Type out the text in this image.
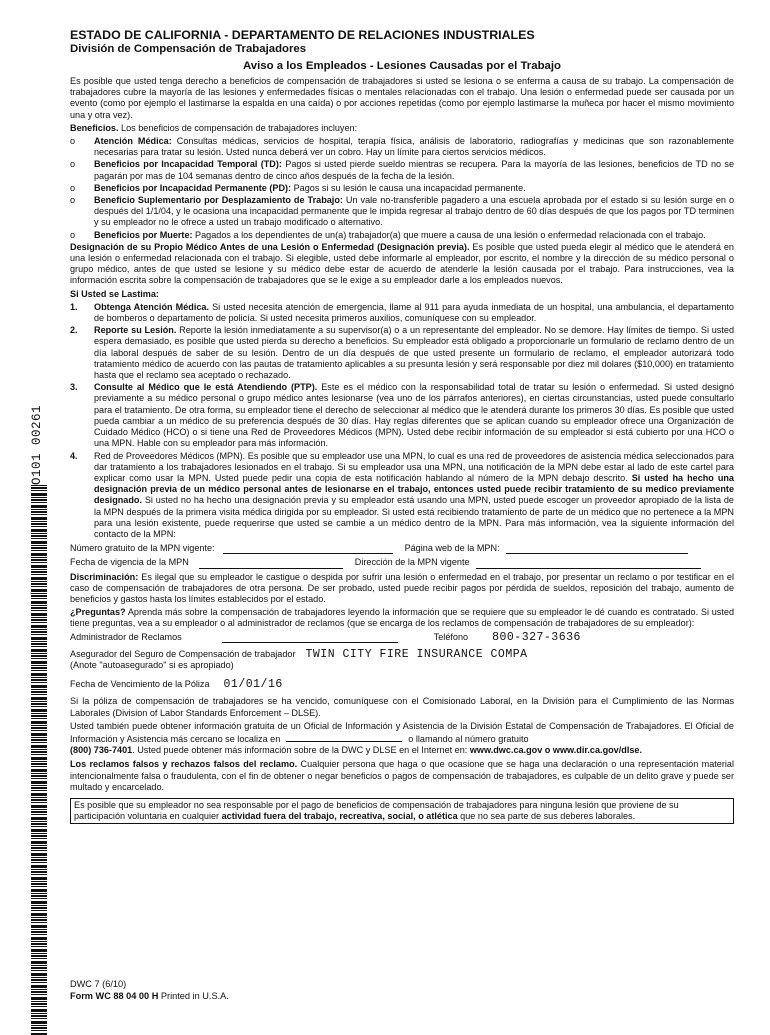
ESTADO DE CALIFORNIA - DEPARTAMENTO DE RELACIONES INDUSTRIALES
División de Compensación de Trabajadores
Aviso a los Empleados - Lesiones Causadas por el Trabajo

Es posible que usted tenga derecho a beneficios de compensación de trabajadores si usted se lesiona o se enferma a causa de su trabajo. La compensación de trabajadores cubre la mayoría de las lesiones y enfermedades físicas o mentales relacionadas con el trabajo. Una lesión o enfermedad puede ser causada por un evento (como por ejemplo el lastimarse la espalda en una caída) o por acciones repetidas (como por ejemplo lastimarse la muñeca por hacer el mismo movimiento una y otra vez).

Beneficios. Los beneficios de compensación de trabajadores incluyen:

o Atención Médica: Consultas médicas, servicios de hospital, terapia física, análisis de laboratorio, radiografías y medicinas que son razonablemente necesarias para tratar su lesión. Usted nunca deberá ver un cobro. Hay un límite para ciertos servicios médicos.
o Beneficios por Incapacidad Temporal (TD): Pagos si usted pierde sueldo mientras se recupera. Para la mayoría de las lesiones, beneficios de TD no se pagarán por mas de 104 semanas dentro de cinco años después de la fecha de la lesión.
o Beneficios por Incapacidad Permanente (PD): Pagos si su lesión le causa una incapacidad permanente.
o Beneficio Suplementario por Desplazamiento de Trabajo: Un vale no-transferible pagadero a una escuela aprobada por el estado si su lesión surge en o después del 1/1/04, y le ocasiona una incapacidad permanente que le impida regresar al trabajo dentro de 60 días después de que los pagos por TD terminen y su empleador no le ofrece a usted un trabajo modificado o alternativo.
o Beneficios por Muerte: Pagados a los dependientes de un(a) trabajador(a) que muere a causa de una lesión o enfermedad relacionada con el trabajo.

Designación de su Propio Médico Antes de una Lesión o Enfermedad (Designación previa). Es posible que usted pueda elegir al médico que le atenderá en una lesión o enfermedad relacionada con el trabajo. Si elegible, usted debe informarle al empleador, por escrito, el nombre y la dirección de su médico personal o grupo médico, antes de que usted se lesione y su médico debe estar de acuerdo de atenderle la lesión causada por el trabajo. Para instrucciones, vea la información escrita sobre la compensación de trabajadores que se le exige a su empleador darle a los empleados nuevos.

Si Usted se Lastima:

1. Obtenga Atención Médica. Si usted necesita atención de emergencia, llame al 911 para ayuda inmediata de un hospital, una ambulancia, el departamento de bomberos o departamento de policía. Si usted necesita primeros auxilios, comuníquese con su empleador.
2. Reporte su Lesión. Reporte la lesión inmediatamente a su supervisor(a) o a un representante del empleador. No se demore. Hay límites de tiempo. Si usted espera demasiado, es posible que usted pierda su derecho a beneficios. Su empleador está obligado a proporcionarle un formulario de reclamo dentro de un día laboral después de saber de su lesión. Dentro de un día después de que usted presente un formulario de reclamo, el empleador autorizará todo tratamiento médico de acuerdo con las pautas de tratamiento aplicables a su presunta lesión y será responsable por diez mil dolares ($10,000) en tratamiento hasta que el reclamo sea aceptado o rechazado.
3. Consulte al Médico que le está Atendiendo (PTP). Este es el médico con la responsabilidad total de tratar su lesión o enfermedad. Si usted designó previamente a su médico personal o grupo médico antes lesionarse (vea uno de los párrafos anteriores), en ciertas circunstancias, usted puede consultarlo para el tratamiento. De otra forma, su empleador tiene el derecho de seleccionar al médico que le atenderá durante los primeros 30 días. Es posible que usted pueda cambiar a un médico de su preferencia después de 30 días. Hay reglas diferentes que se aplican cuando su empleador ofrece una Organización de Cuidado Médico (HCO) o si tiene una Red de Proveedores Médicos (MPN). Usted debe recibir información de su empleador si está cubierto por una HCO o una MPN. Hable con su empleador para más información.
4. Red de Proveedores Médicos (MPN). Es posible que su empleador use una MPN, lo cual es una red de proveedores de asistencia médica seleccionados para dar tratamiento a los trabajadores lesionados en el trabajo. Si su empleador usa una MPN, una notificación de la MPN debe estar al lado de este cartel para explicar como usar la MPN. Usted puede pedir una copia de esta notificación hablando al número de la MPN debajo descrito. Si usted ha hecho una designación previa de un médico personal antes de lesionarse en el trabajo, entonces usted puede recibir tratamiento de su medico previamente designado. Si usted no ha hecho una designación previa y su empleador está usando una MPN, usted puede escoger un proveedor apropiado de la lista de la MPN después de la primera visita médica dirigida por su empleador. Si usted está recibiendo tratamiento de parte de un médico que no pertenece a la MPN para una lesión existente, puede requerirse que usted se cambie a un médico dentro de la MPN. Para más información, vea la siguiente información del contacto de la MPN:
Número gratuito de la MPN vigente:	Página web de la MPN:
Fecha de vigencia de la MPN	Dirección de la MPN vigente

Discriminación: Es ilegal que su empleador le castigue o despida por sufrir una lesión o enfermedad en el trabajo, por presentar un reclamo o por testificar en el caso de compensación de trabajadores de otra persona. De ser probado, usted puede recibir pagos por pérdida de sueldos, reposición del trabajo, aumento de beneficios y gastos hasta los límites establecidos por el estado.

¿Preguntas? Aprenda más sobre la compensación de trabajadores leyendo la información que se requiere que su empleador le dé cuando es contratado. Si usted tiene preguntas, vea a su empleador o al administrador de reclamos (que se encarga de los reclamos de compensación de trabajadores de su empleador):

Administrador de Reclamos	Teléfono 800-327-3636
Asegurador del Seguro de Compensación de trabajador TWIN CITY FIRE INSURANCE COMPA

(Anote "autoasegurado" si es apropiado)

Fecha de Vencimiento de la Póliza 01/01/16

Si la póliza de compensación de trabajadores se ha vencido, comuníquese con el Comisionado Laboral, en la División para el Cumplimiento de las Normas Laborales (Division of Labor Standards Enforcement – DLSE).

Usted también puede obtener información gratuita de un Oficial de Información y Asistencia de la División Estatal de Compensación de Trabajadores. El Oficial de Información y Asistencia más cercano se localiza en	o llamando al número gratuito
(800) 736-7401. Usted puede obtener más información sobre de la DWC y DLSE en el Internet en: www.dwc.ca.gov o www.dir.ca.gov/dlse.

Los reclamos falsos y rechazos falsos del reclamo. Cualquier persona que haga o que ocasione que se haga una declaración o una representación material intencionalmente falsa o fraudulenta, con el fin de obtener o negar beneficios o pagos de compensación de trabajadores, es culpable de un delito grave y puede ser multado y encarcelado.

Es posible que su empleador no sea responsable por el pago de beneficios de compensación de trabajadores para ninguna lesión que proviene de su participación voluntaria en cualquier actividad fuera del trabajo, recreativa, social, o atlética que no sea parte de sus deberes laborales.
DWC 7 (6/10)
Form WC 88 04 00 H Printed in U.S.A.
